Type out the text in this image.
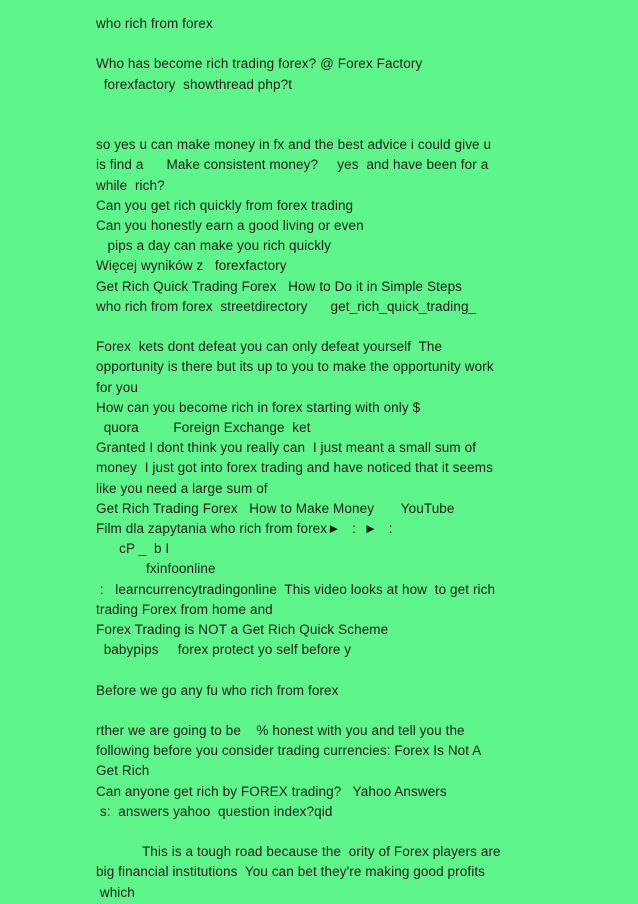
who rich from forex
Who has become rich trading forex? @ Forex Factory
forexfactory  showthread php?t
so yes u can make money in fx and the best advice i could give u
is find a      Make consistent money?     yes  and have been for a
while  rich?
Can you get rich quickly from forex trading
Can you honestly earn a good living or even
pips a day can make you rich quickly
Więcej wyników z   forexfactory
Get Rich Quick Trading Forex   How to Do it in Simple Steps
who rich from forex  streetdirectory      get_rich_quick_trading_
Forex  kets dont defeat you can only defeat yourself  The
opportunity is there but its up to you to make the opportunity work
for you
How can you become rich in forex starting with only $
quora         Foreign Exchange  ket
Granted I dont think you really can  I just meant a small sum of
money  I just got into forex trading and have noticed that it seems
like you need a large sum of
Get Rich Trading Forex   How to Make Money       YouTube
Film dla zapytania who rich from forex►   :  ►   :
cP _  b I
fxinfoonline
:   learncurrencytradingonline  This video looks at how  to get rich
trading Forex from home and
Forex Trading is NOT a Get Rich Quick Scheme
babypips     forex protect yo self before y
Before we go any fu who rich from forex
rther we are going to be    % honest with you and tell you the
following before you consider trading currencies: Forex Is Not A
Get Rich
Can anyone get rich by FOREX trading?   Yahoo Answers
s:  answers yahoo  question index?qid
This is a tough road because the  ority of Forex players are
big financial institutions  You can bet they're making good profits
which
